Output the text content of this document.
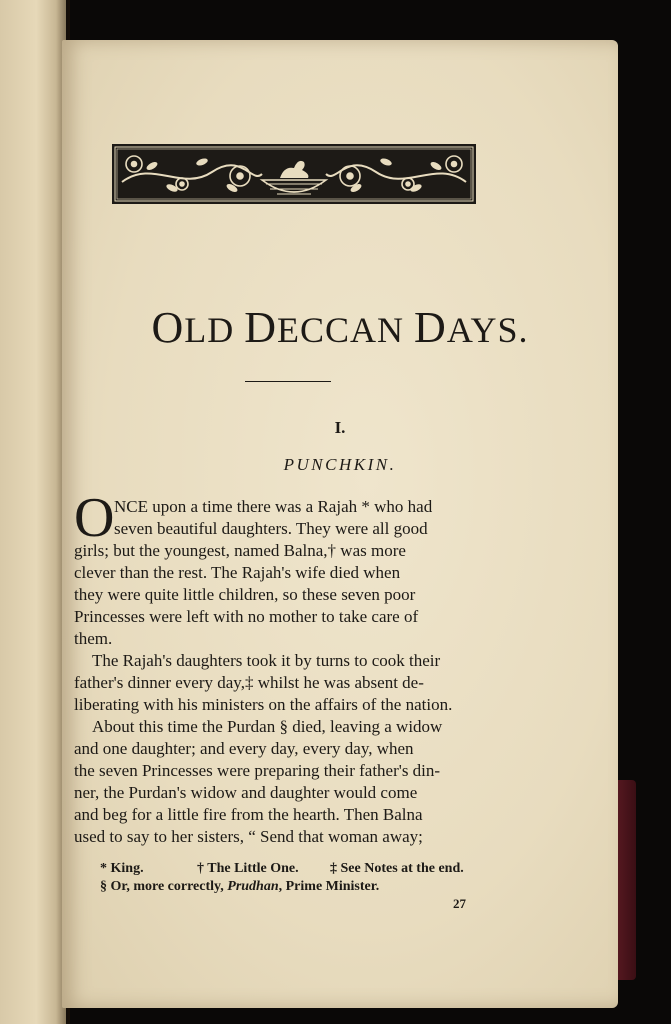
OLD DECCAN DAYS.
I.
PUNCHKIN.
O NCE upon a time there was a Rajah * who had
seven beautiful daughters. They were all good
girls; but the youngest, named Balna,† was more
clever than the rest. The Rajah's wife died when
they were quite little children, so these seven poor
Princesses were left with no mother to take care of
them.
The Rajah's daughters took it by turns to cook their
father's dinner every day,‡ whilst he was absent de-
liberating with his ministers on the affairs of the nation.
About this time the Purdan § died, leaving a widow
and one daughter; and every day, every day, when
the seven Princesses were preparing their father's din-
ner, the Purdan's widow and daughter would come
and beg for a little fire from the hearth. Then Balna
used to say to her sisters, “ Send that woman away;
* King.	† The Little One. ‡ See Notes at the end.
§ Or, more correctly, Prudhan, Prime Minister.
27
